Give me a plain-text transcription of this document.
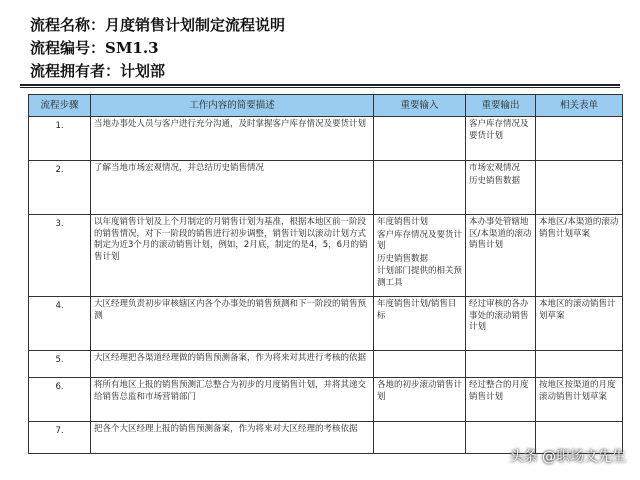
流程名称：月度销售计划制定流程说明
流程编号：SM1.3
流程拥有者：计划部
流程步骤	工作内容的简要描述	重要输入	重要输出	相关表单
1.	当地办事处人员与客户进行充分沟通，及时掌握客户库存情况及要货计划		客户库存情况及要货计划	

2.	了解当地市场宏观情况，并总结历史销售情况		市场宏观情况
历史销售数据	

3.	以年度销售计划及上个月制定的月销售计划为基准，根据本地区前一阶段的销售情况，对下一阶段的销售进行初步调整，销售计划以滚动计划方式制定为近3个月的滚动销售计划，例如，2月底，制定的是4，5，6月的销售计划	年度销售计划
客户库存情况及要货计划
历史销售数据
计划部门提供的相关预测工具	本办事处管辖地区/本渠道的滚动销售计划	本地区/本渠道的滚动销售计划草案
4.	大区经理负责初步审核辖区内各个办事处的销售预测和下一阶段的销售预测	年度销售计划/销售目标	经过审核的各办事处的滚动销售计划	本地区的滚动销售计划草案
5.	大区经理把各渠道经理做的销售预测备案，作为将来对其进行考核的依据	

6.	将所有地区上报的销售预测汇总整合为初步的月度销售计划，并将其递交给销售总监和市场营销部门	各地的初步滚动销售计划	经过整合的月度销售计划	按地区按渠道的月度滚动销售计划草案
7.	把各个大区经理上报的销售预测备案，作为将来对大区经理的考核依据	

头条 @职场文先生
